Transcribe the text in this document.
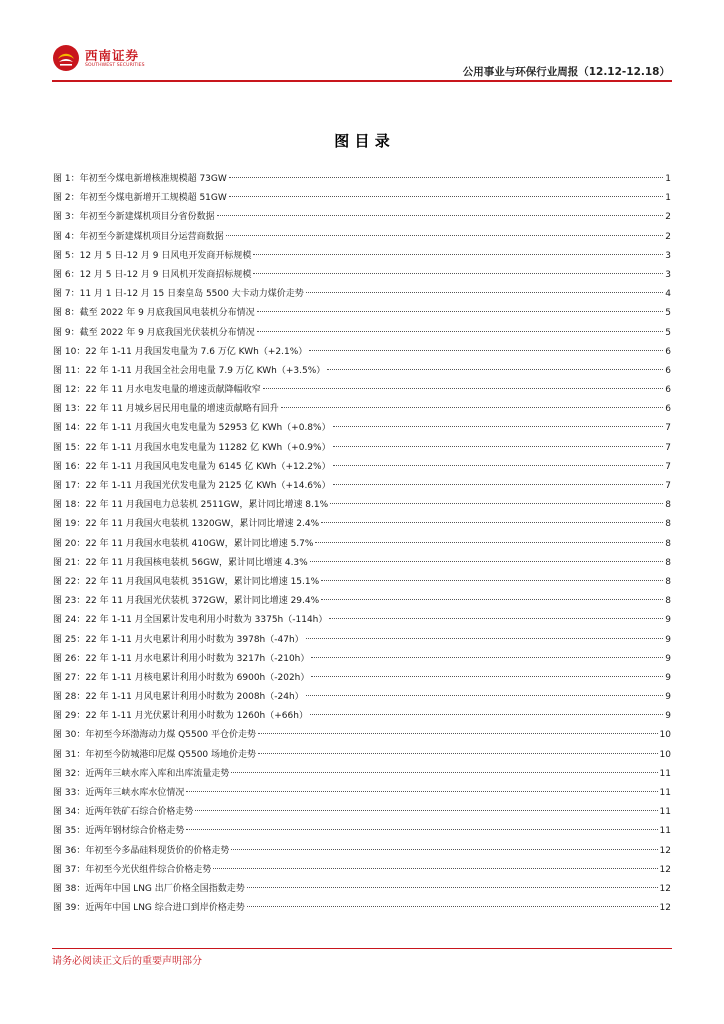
西南证券
SOUTHWEST SECURITIES
公用事业与环保行业周报（12.12-12.18）
图 目 录
图 1：年初至今煤电新增核准规模超 73GW	1
图 2：年初至今煤电新增开工规模超 51GW	1
图 3：年初至今新建煤机项目分省份数据	2
图 4：年初至今新建煤机项目分运营商数据	2
图 5：12 月 5 日-12 月 9 日风电开发商开标规模	3
图 6：12 月 5 日-12 月 9 日风机开发商招标规模	3
图 7：11 月 1 日-12 月 15 日秦皇岛 5500 大卡动力煤价走势	4
图 8：截至 2022 年 9 月底我国风电装机分布情况	5
图 9：截至 2022 年 9 月底我国光伏装机分布情况	5
图 10：22 年 1-11 月我国发电量为 7.6 万亿 KWh（+2.1%）	6
图 11：22 年 1-11 月我国全社会用电量 7.9 万亿 KWh（+3.5%）	6
图 12：22 年 11 月水电发电量的增速贡献降幅收窄	6
图 13：22 年 11 月城乡居民用电量的增速贡献略有回升	6
图 14：22 年 1-11 月我国火电发电量为 52953 亿 KWh（+0.8%）	7
图 15：22 年 1-11 月我国水电发电量为 11282 亿 KWh（+0.9%）	7
图 16：22 年 1-11 月我国风电发电量为 6145 亿 KWh（+12.2%）	7
图 17：22 年 1-11 月我国光伏发电量为 2125 亿 KWh（+14.6%）	7
图 18：22 年 11 月我国电力总装机 2511GW，累计同比增速 8.1%	8
图 19：22 年 11 月我国火电装机 1320GW，累计同比增速 2.4%	8
图 20：22 年 11 月我国水电装机 410GW，累计同比增速 5.7%	8
图 21：22 年 11 月我国核电装机 56GW，累计同比增速 4.3%	8
图 22：22 年 11 月我国风电装机 351GW，累计同比增速 15.1%	8
图 23：22 年 11 月我国光伏装机 372GW，累计同比增速 29.4%	8
图 24：22 年 1-11 月全国累计发电利用小时数为 3375h（-114h）	9
图 25：22 年 1-11 月火电累计利用小时数为 3978h（-47h）	9
图 26：22 年 1-11 月水电累计利用小时数为 3217h（-210h）	9
图 27：22 年 1-11 月核电累计利用小时数为 6900h（-202h）	9
图 28：22 年 1-11 月风电累计利用小时数为 2008h（-24h）	9
图 29：22 年 1-11 月光伏累计利用小时数为 1260h（+66h）	9
图 30：年初至今环渤海动力煤 Q5500 平仓价走势	10
图 31：年初至今防城港印尼煤 Q5500 场地价走势	10
图 32：近两年三峡水库入库和出库流量走势	11
图 33：近两年三峡水库水位情况	11
图 34：近两年铁矿石综合价格走势	11
图 35：近两年钢材综合价格走势	11
图 36：年初至今多晶硅料现货价的价格走势	12
图 37：年初至今光伏组件综合价格走势	12
图 38：近两年中国 LNG 出厂价格全国指数走势	12
图 39：近两年中国 LNG 综合进口到岸价格走势	12
请务必阅读正文后的重要声明部分
